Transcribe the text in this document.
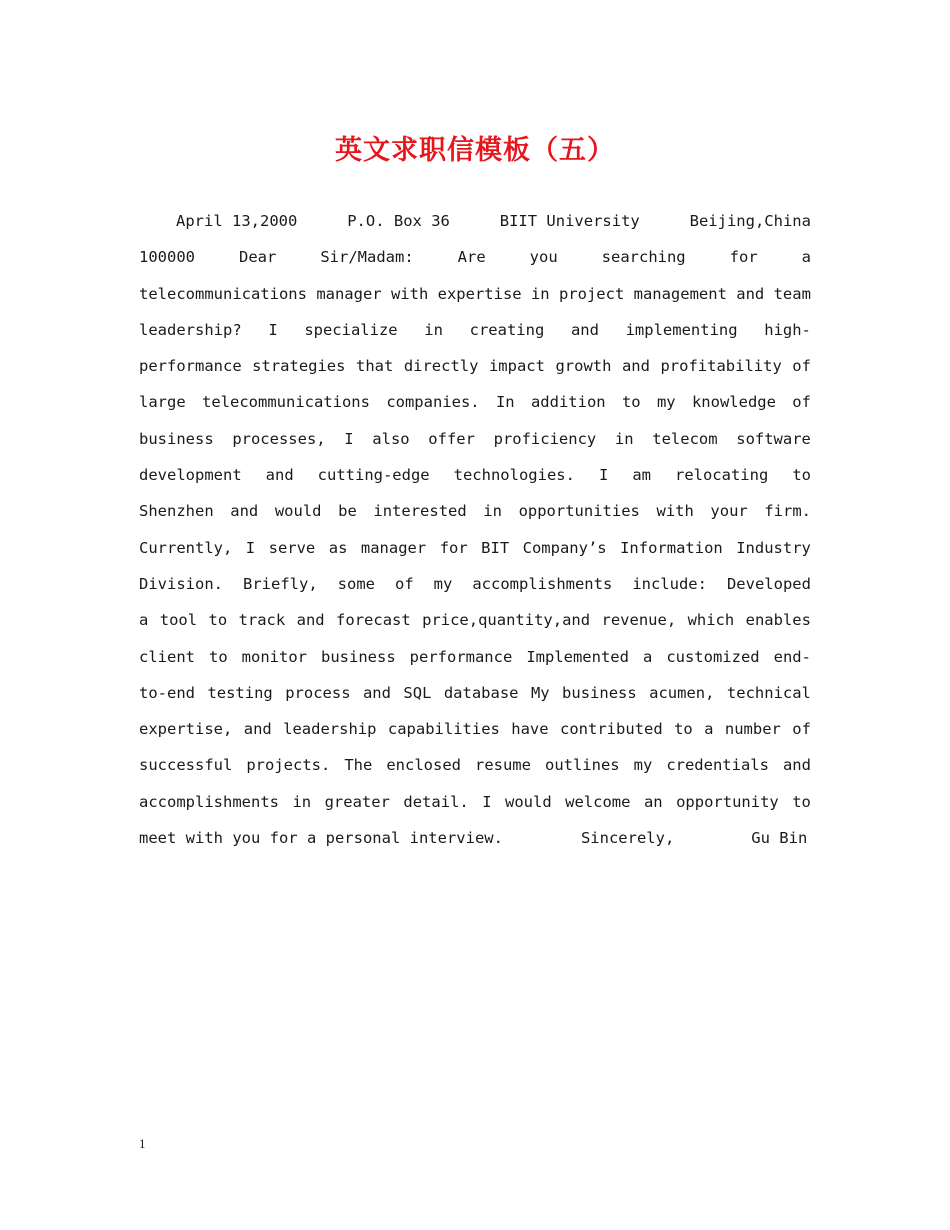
英文求职信模板（五）
April 13,2000	P.O. Box 36	BIIT University	Beijing,China
100000	Dear	Sir/Madam:	Are	you	searching	for	a
telecommunications manager with expertise in project management and team
leadership? I specialize in creating and implementing high-
performance strategies that directly impact growth and profitability of
large telecommunications companies. In addition to my knowledge of
business processes, I also offer proficiency in telecom software
development and cutting-edge technologies. I am relocating to
Shenzhen and would be interested in opportunities with your firm.
Currently, I serve as manager for BIT Company’s Information Industry
Division. Briefly, some of my accomplishments include: Developed
a tool to track and forecast price,quantity,and revenue, which enables
client to monitor business performance Implemented a customized end-
to-end testing process and SQL database My business acumen, technical
expertise, and leadership capabilities have contributed to a number of
successful projects. The enclosed resume outlines my credentials and
accomplishments in greater detail. I would welcome an opportunity to
meet with you for a personal interview.	Sincerely,	Gu Bin
1
